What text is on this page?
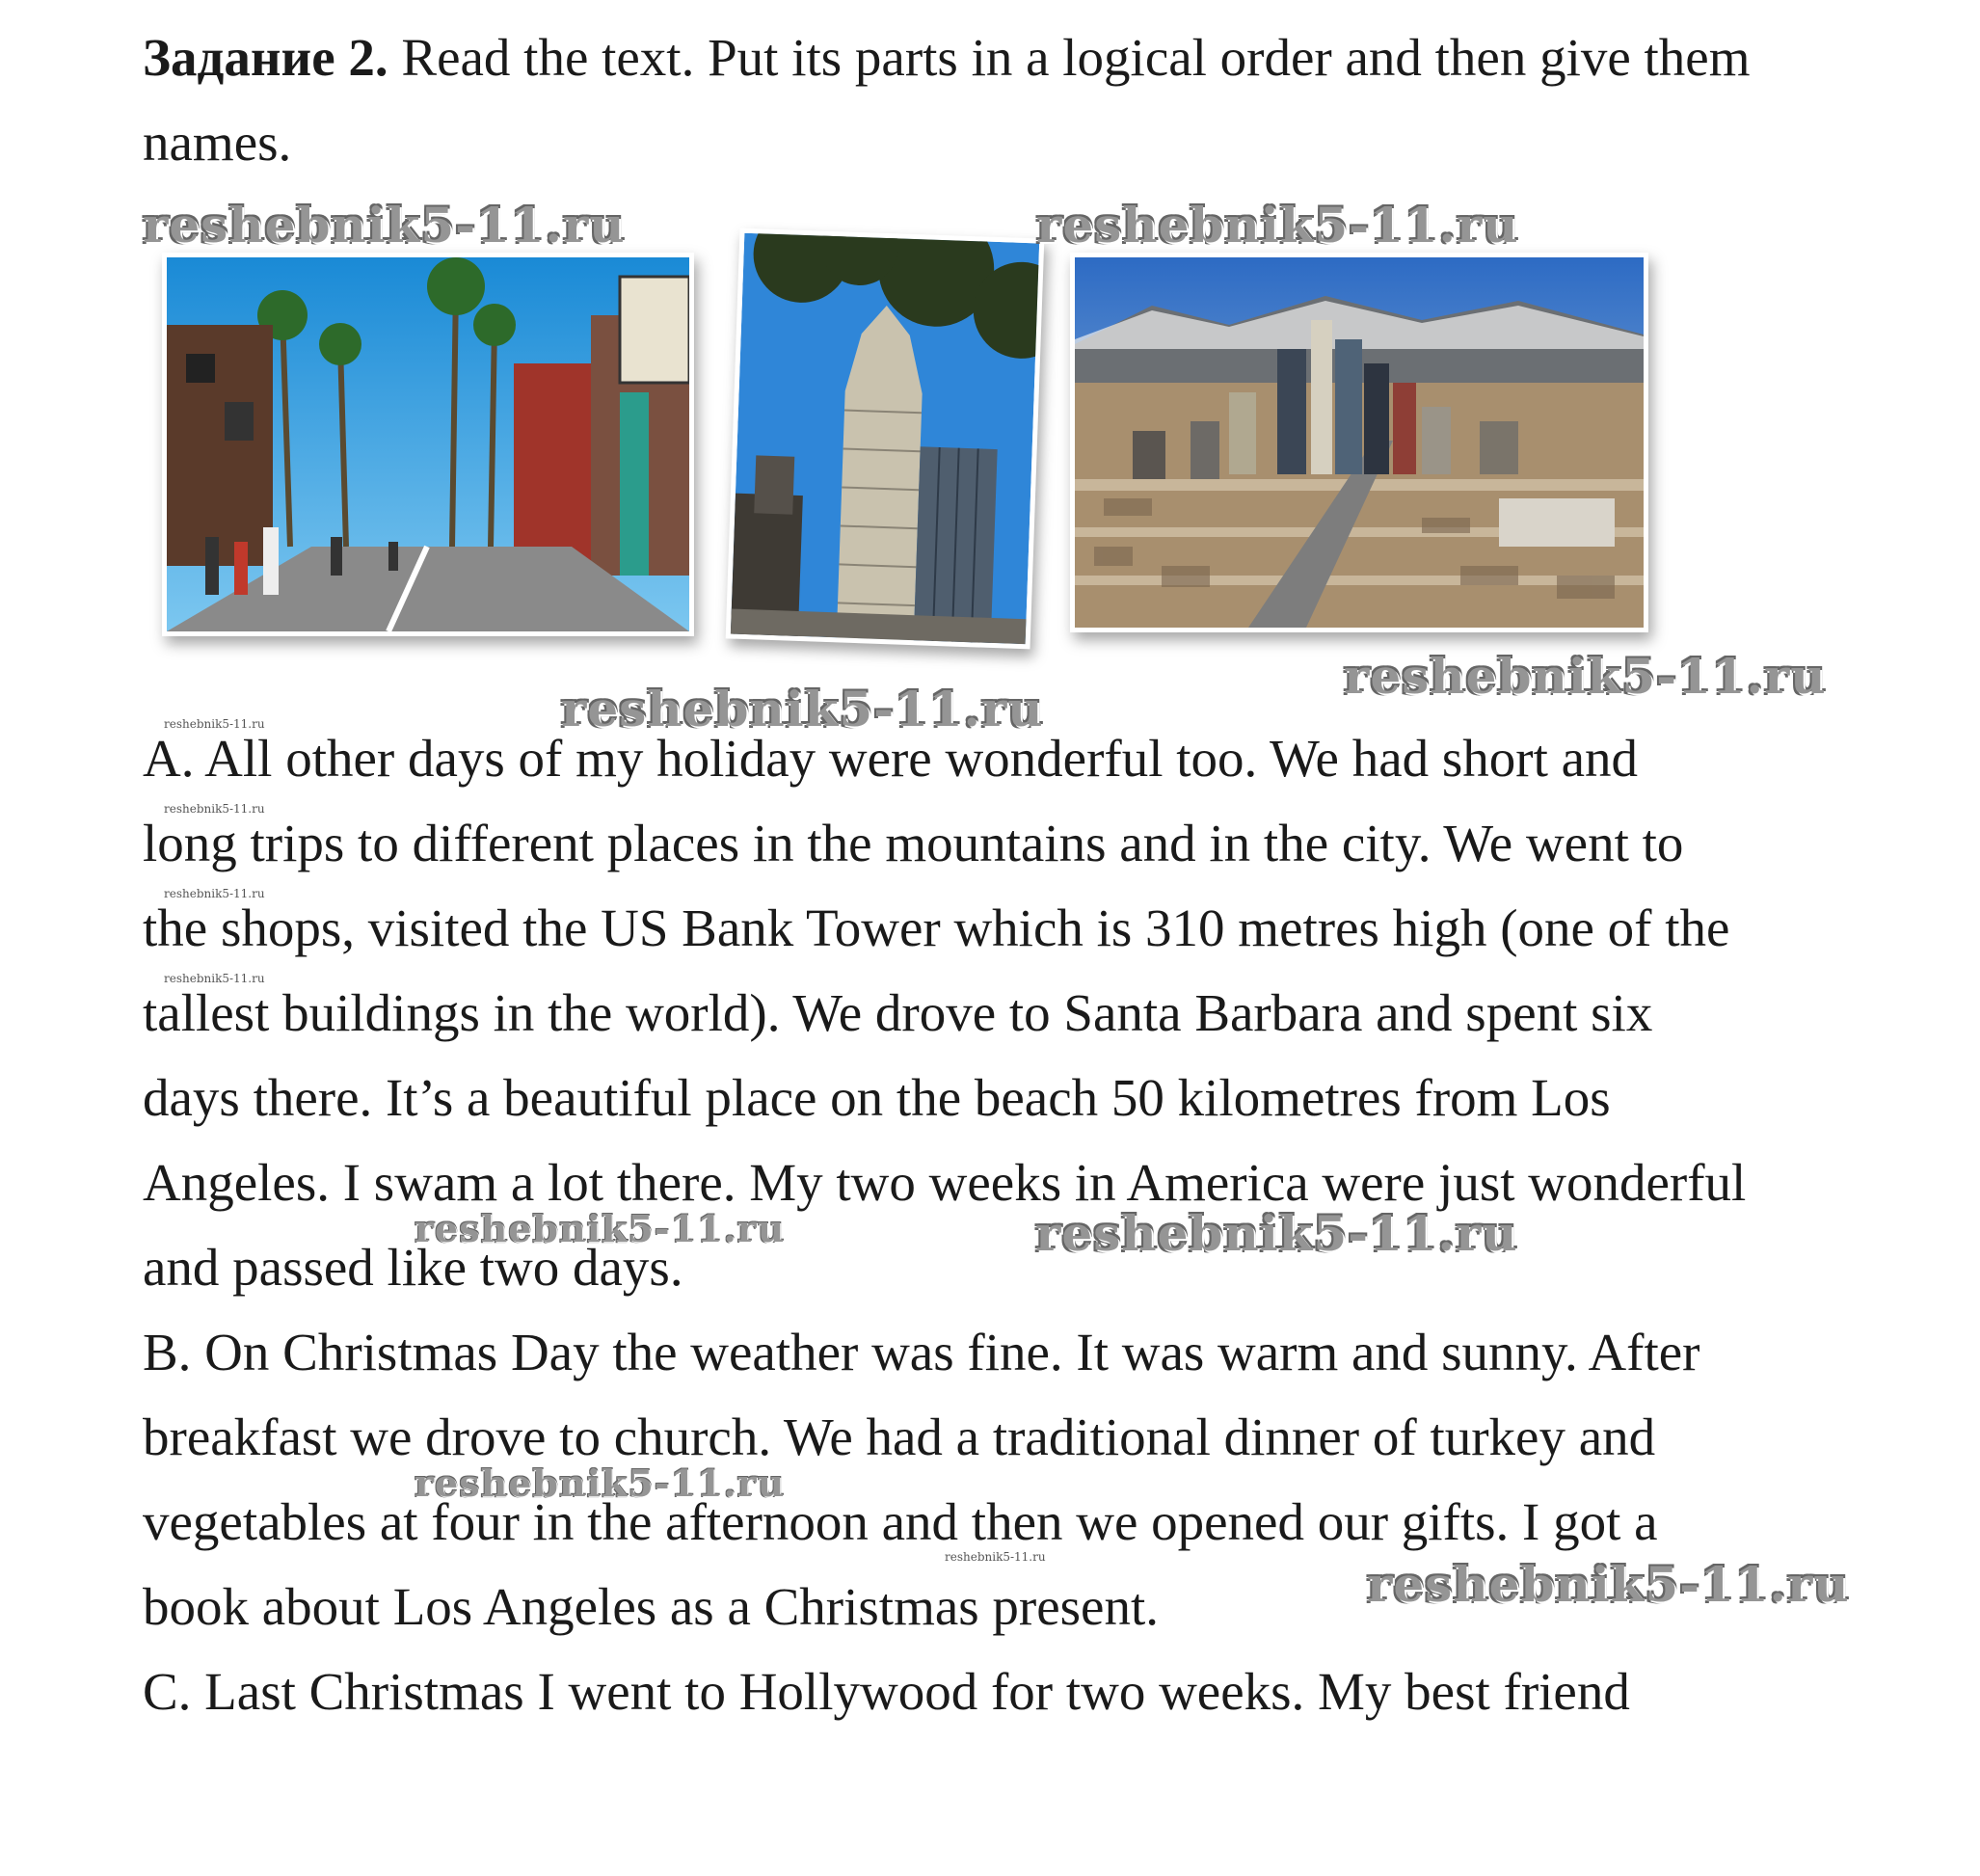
Задание 2. Read the text. Put its parts in a logical order and then give them
names.
reshebnik5-11.ru	reshebnik5-11.ru
reshebnik5-11.ru
reshebnik5-11.ru
reshebnik5-11.ru	reshebnik5-11.ru
reshebnik5-11.ru
reshebnik5-11.ru
reshebnik5-11.ru
reshebnik5-11.ru
reshebnik5-11.ru
reshebnik5-11.ru
reshebnik5-11.ru
A. All other days of my holiday were wonderful too. We had short and
long trips to different places in the mountains and in the city. We went to
the shops, visited the US Bank Tower which is 310 metres high (one of the
tallest buildings in the world). We drove to Santa Barbara and spent six
days there. It’s a beautiful place on the beach 50 kilometres from Los
Angeles. I swam a lot there. My two weeks in America were just wonderful
and passed like two days.
B. On Christmas Day the weather was fine. It was warm and sunny. After
breakfast we drove to church. We had a traditional dinner of turkey and
vegetables at four in the afternoon and then we opened our gifts. I got a
book about Los Angeles as a Christmas present.
C. Last Christmas I went to Hollywood for two weeks. My best friend
